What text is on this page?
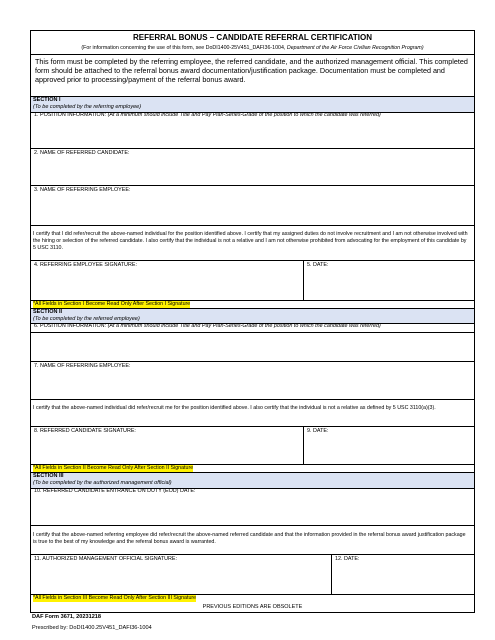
REFERRAL BONUS – CANDIDATE REFERRAL CERTIFICATION
(For information concerning the use of this form, see DoDI1400-25V451_DAFI36-1004, Department of the Air Force Civilian Recognition Program)
This form must be completed by the referring employee, the referred candidate, and the authorized management official. This completed form should be attached to the referral bonus award documentation/justification package. Documentation must be completed and approved prior to processing/payment of the referral bonus award.
SECTION I
(To be completed by the referring employee)
1. POSITION INFORMATION: (At a minimum should include Title and Pay Plan-Series-Grade of the position to which the candidate was referred)
2. NAME OF REFERRED CANDIDATE:
3. NAME OF REFERRING EMPLOYEE:
I certify that I did refer/recruit the above-named individual for the position identified above. I certify that my assigned duties do not involve recruitment and I am not otherwise involved with the hiring or selection of the referred candidate. I also certify that the individual is not a relative and I am not otherwise prohibited from advocating for the employment of this candidate by 5 USC 3110.
4. REFERRING EMPLOYEE SIGNATURE:	5. DATE:
*All Fields in Section I Become Read Only After Section I Signature
SECTION II
(To be completed by the referred employee)
6. POSITION INFORMATION: (At a minimum should include Title and Pay Plan-Series-Grade of the position to which the candidate was referred)
7. NAME OF REFERRING EMPLOYEE:
I certify that the above-named individual did refer/recruit me for the position identified above. I also certify that the individual is not a relative as defined by 5 USC 3110(a)(3).
8. REFERRED CANDIDATE SIGNATURE:	9. DATE:
*All Fields in Section II Become Read Only After Section II Signature
SECTION III
(To be completed by the authorized management official)
10. REFERRED CANDIDATE ENTRANCE ON DUTY (EOD) DATE:
I certify that the above-named referring employee did refer/recruit the above-named referred candidate and that the information provided in the referral bonus award justification package is true to the best of my knowledge and the referral bonus award is warranted.
11. AUTHORIZED MANAGEMENT OFFICIAL SIGNATURE:	12. DATE:
*All Fields in Section III Become Read Only After Section III Signature
PREVIOUS EDITIONS ARE OBSOLETE
DAF Form 3671, 20231218
Prescribed by: DoDI1400.25V451_DAFI36-1004
